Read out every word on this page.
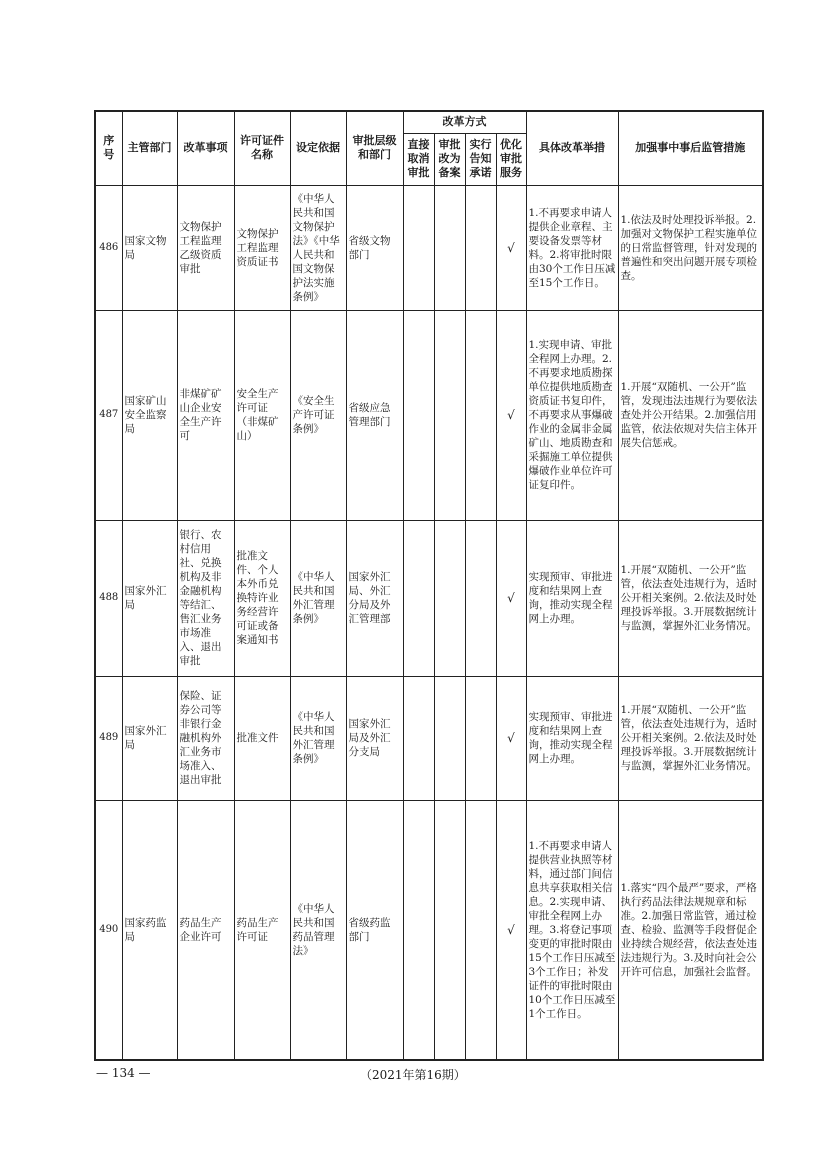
序号	主管部门	改革事项	许可证件名称	设定依据	审批层级和部门	改革方式				具体改革举措	加强事中事后监管措施
						直接取消审批	审批改为备案	实行告知承诺	优化审批服务		
486	国家文物局	文物保护工程监理乙级资质审批	文物保护工程监理资质证书	《中华人民共和国文物保护法》《中华人民共和国文物保护法实施条例》	省级文物部门				√	1.不再要求申请人提供企业章程、主要设备发票等材料。2.将审批时限由30个工作日压减至15个工作日。	1.依法及时处理投诉举报。2.加强对文物保护工程实施单位的日常监督管理，针对发现的普遍性和突出问题开展专项检查。
487	国家矿山安全监察局	非煤矿矿山企业安全生产许可	安全生产许可证（非煤矿山）	《安全生产许可证条例》	省级应急管理部门				√	1.实现申请、审批全程网上办理。2.不再要求地质勘探单位提供地质勘查资质证书复印件，不再要求从事爆破作业的金属非金属矿山、地质勘查和采掘施工单位提供爆破作业单位许可证复印件。	1.开展“双随机、一公开”监管，发现违法违规行为要依法查处并公开结果。2.加强信用监管，依法依规对失信主体开展失信惩戒。
488	国家外汇局	银行、农村信用社、兑换机构及非金融机构等结汇、售汇业务市场准入、退出审批	批准文件、个人本外币兑换特许业务经营许可证或备案通知书	《中华人民共和国外汇管理条例》	国家外汇局、外汇分局及外汇管理部				√	实现预审、审批进度和结果网上查询，推动实现全程网上办理。	1.开展“双随机、一公开”监管，依法查处违规行为，适时公开相关案例。2.依法及时处理投诉举报。3.开展数据统计与监测，掌握外汇业务情况。
489	国家外汇局	保险、证券公司等非银行金融机构外汇业务市场准入、退出审批	批准文件	《中华人民共和国外汇管理条例》	国家外汇局及外汇分支局				√	实现预审、审批进度和结果网上查询，推动实现全程网上办理。	1.开展“双随机、一公开”监管，依法查处违规行为，适时公开相关案例。2.依法及时处理投诉举报。3.开展数据统计与监测，掌握外汇业务情况。
490	国家药监局	药品生产企业许可	药品生产许可证	《中华人民共和国药品管理法》	省级药监部门				√	1.不再要求申请人提供营业执照等材料，通过部门间信息共享获取相关信息。2.实现申请、审批全程网上办理。3.将登记事项变更的审批时限由15个工作日压减至3个工作日；补发证件的审批时限由10个工作日压减至1个工作日。	1.落实“四个最严”要求，严格执行药品法律法规规章和标准。2.加强日常监管，通过检查、检验、监测等手段督促企业持续合规经营，依法查处违法违规行为。3.及时向社会公开许可信息，加强社会监督。
— 134 —	（2021年第16期）
